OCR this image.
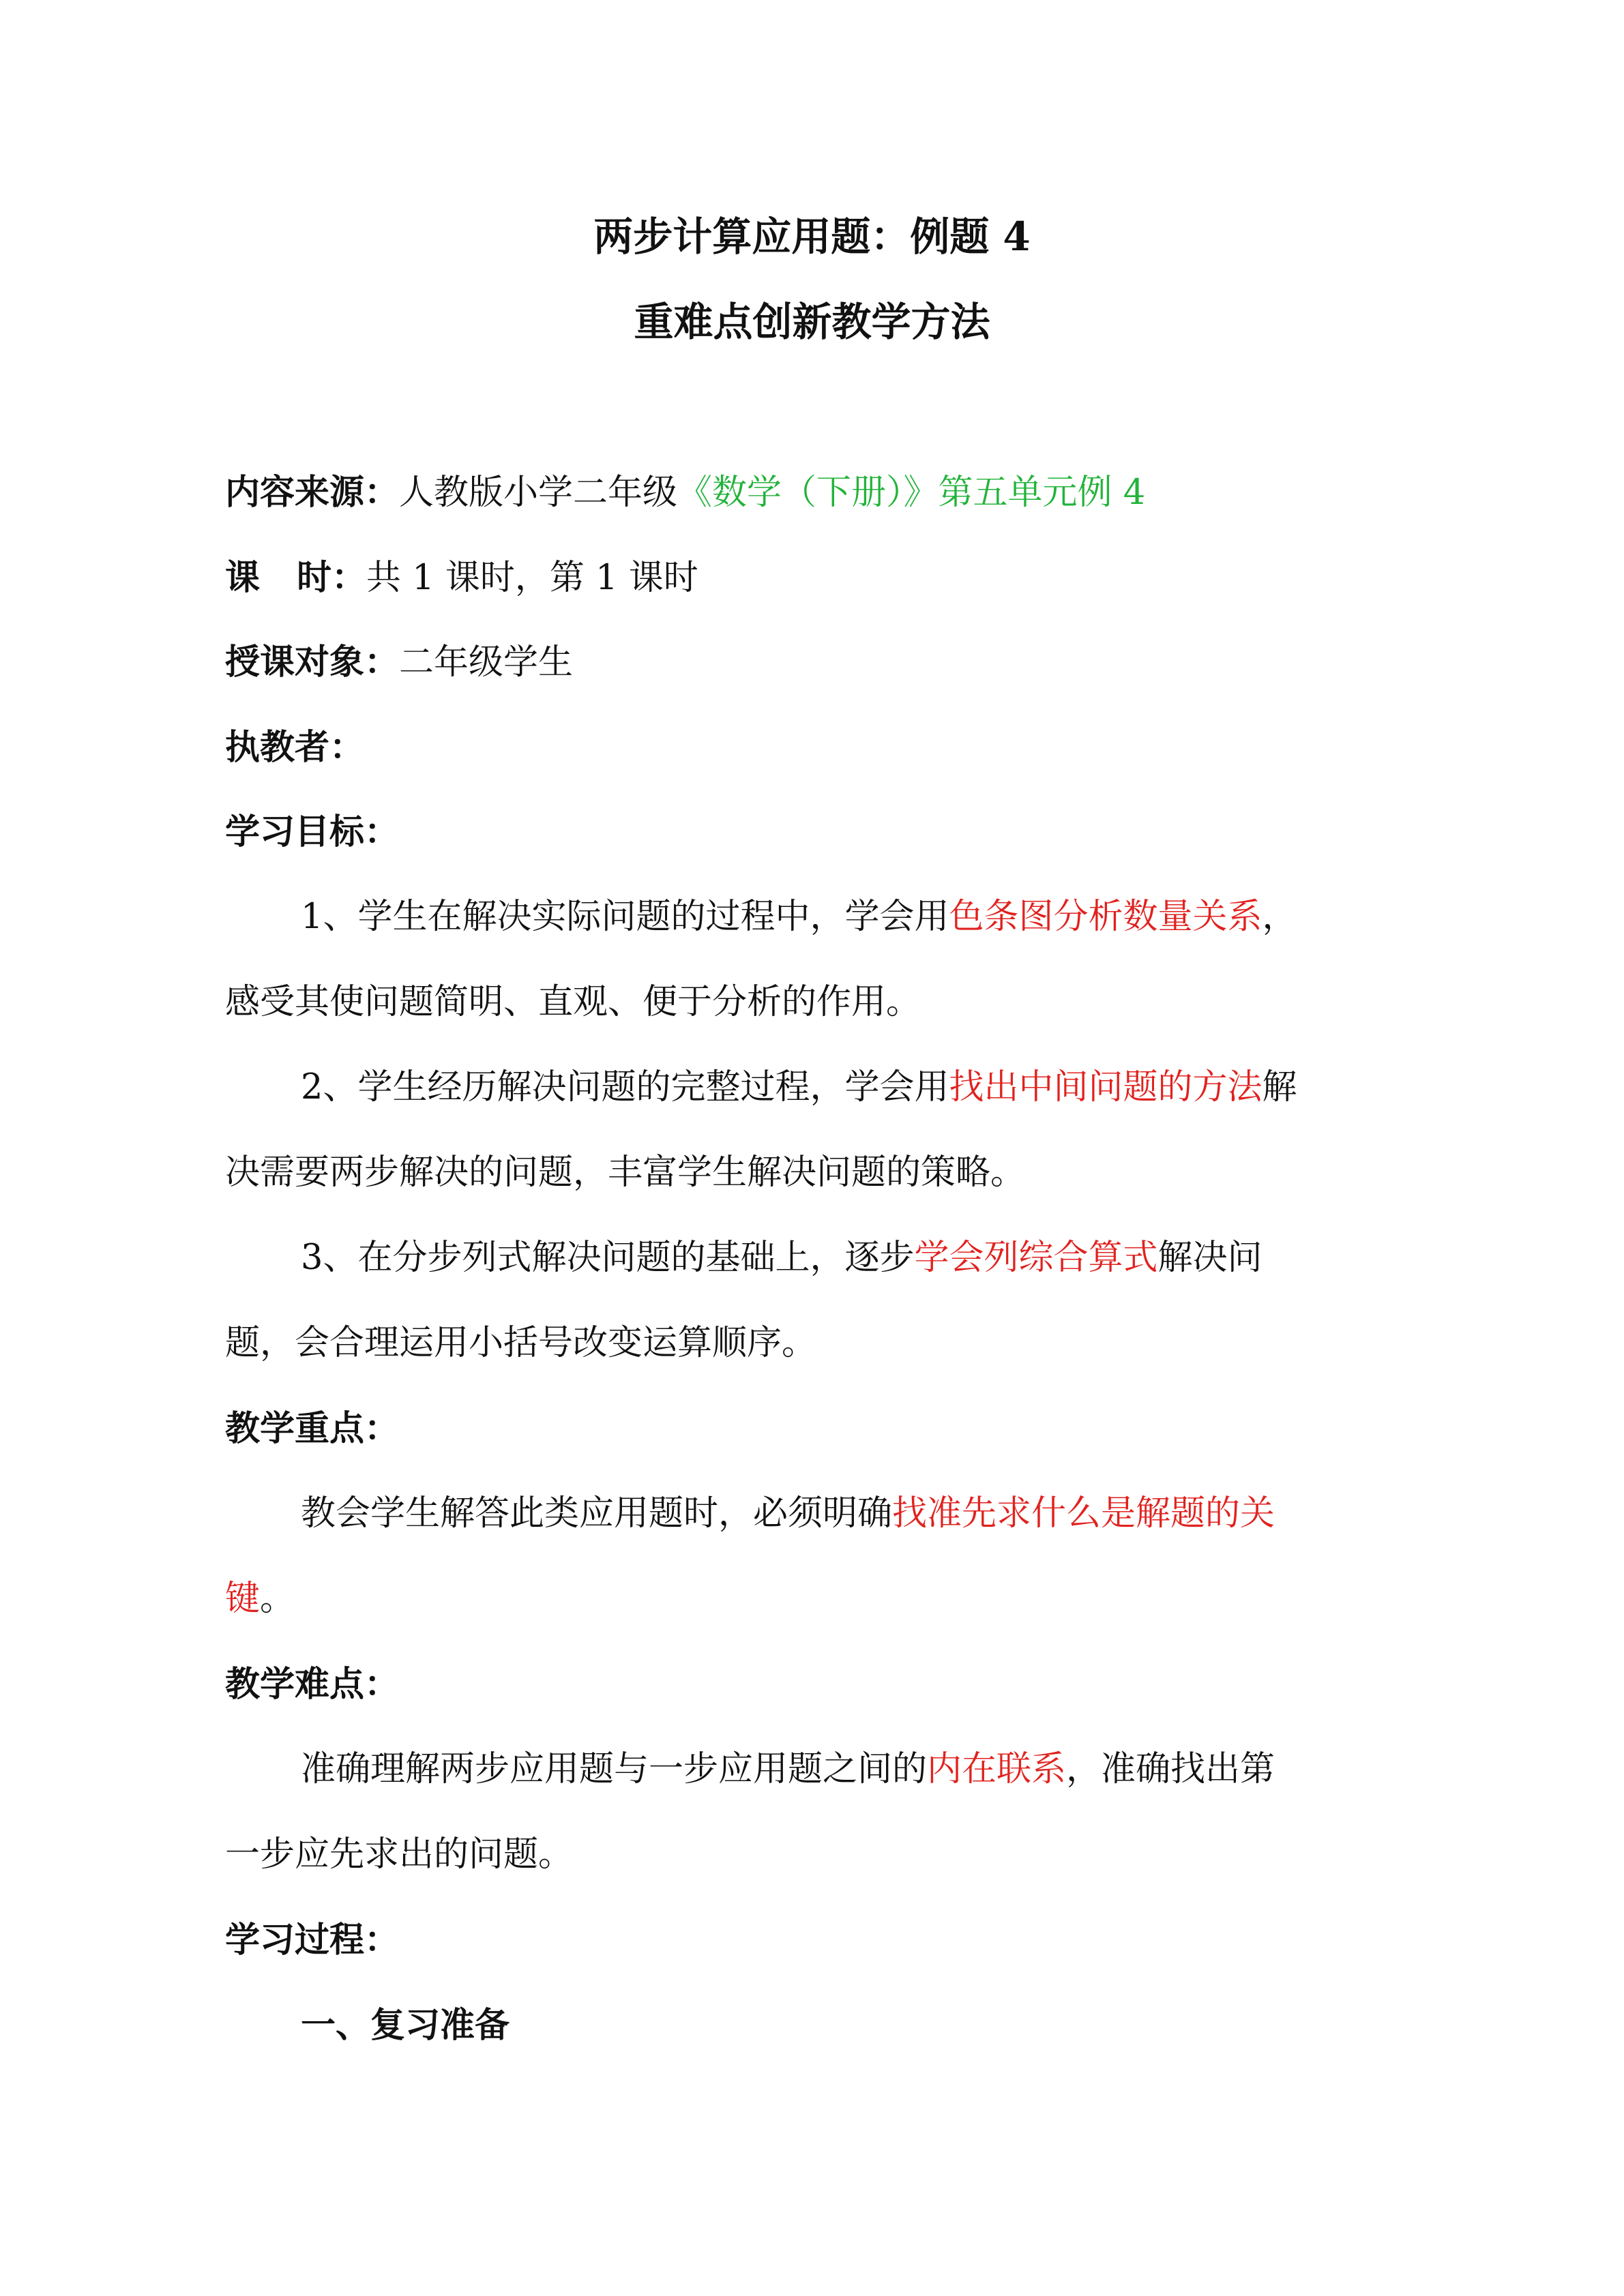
两步计算应用题：例题 4
重难点创新教学方法
内容来源：人教版小学二年级《数学（下册）》第五单元例 4
课 时：共 1 课时，第 1 课时
授课对象：二年级学生
执教者：
学习目标：
1、学生在解决实际问题的过程中，学会用色条图分析数量关系，
感受其使问题简明、直观、便于分析的作用。
2、学生经历解决问题的完整过程，学会用找出中间问题的方法解
决需要两步解决的问题，丰富学生解决问题的策略。
3、在分步列式解决问题的基础上，逐步学会列综合算式解决问
题，会合理运用小括号改变运算顺序。
教学重点：
教会学生解答此类应用题时，必须明确找准先求什么是解题的关
键。
教学难点：
准确理解两步应用题与一步应用题之间的内在联系，准确找出第
一步应先求出的问题。
学习过程：
一、复习准备
